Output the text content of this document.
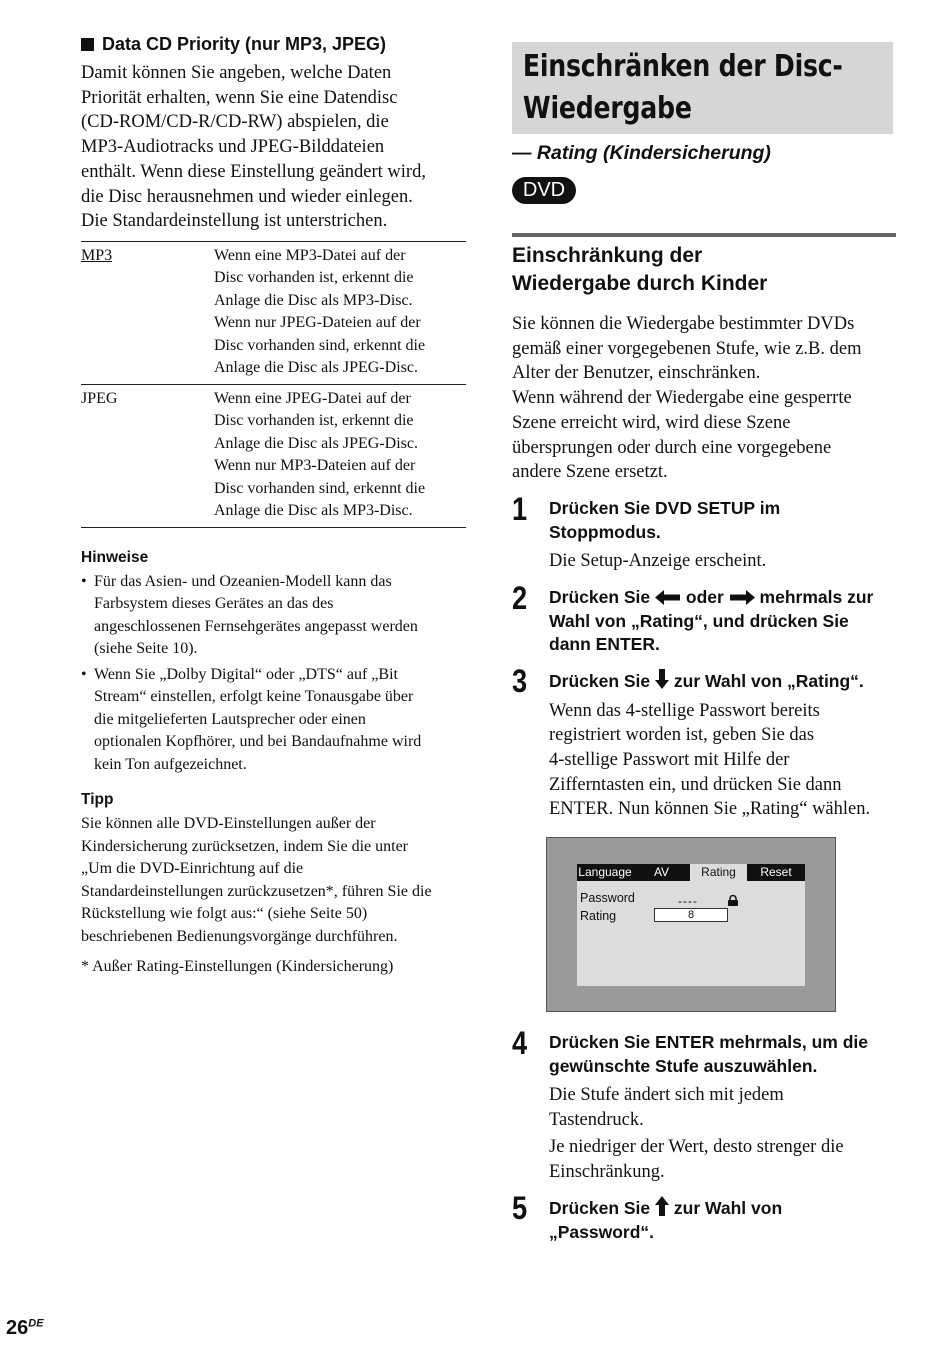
Data CD Priority (nur MP3, JPEG)
Damit können Sie angeben, welche Daten
Priorität erhalten, wenn Sie eine Datendisc
(CD-ROM/CD-R/CD-RW) abspielen, die
MP3-Audiotracks und JPEG-Bilddateien
enthält. Wenn diese Einstellung geändert wird,
die Disc herausnehmen und wieder einlegen.
Die Standardeinstellung ist unterstrichen.
MP3	Wenn eine MP3-Datei auf der
Disc vorhanden ist, erkennt die
Anlage die Disc als MP3-Disc.
Wenn nur JPEG-Dateien auf der
Disc vorhanden sind, erkennt die
Anlage die Disc als JPEG-Disc.
JPEG	Wenn eine JPEG-Datei auf der
Disc vorhanden ist, erkennt die
Anlage die Disc als JPEG-Disc.
Wenn nur MP3-Dateien auf der
Disc vorhanden sind, erkennt die
Anlage die Disc als MP3-Disc.
Hinweise
• Für das Asien- und Ozeanien-Modell kann das
Farbsystem dieses Gerätes an das des
angeschlossenen Fernsehgerätes angepasst werden
(siehe Seite 10).
• Wenn Sie „Dolby Digital“ oder „DTS“ auf „Bit
Stream“ einstellen, erfolgt keine Tonausgabe über
die mitgelieferten Lautsprecher oder einen
optionalen Kopfhörer, und bei Bandaufnahme wird
kein Ton aufgezeichnet.
Tipp
Sie können alle DVD-Einstellungen außer der
Kindersicherung zurücksetzen, indem Sie die unter
„Um die DVD-Einrichtung auf die
Standardeinstellungen zurückzusetzen*, führen Sie die
Rückstellung wie folgt aus:“ (siehe Seite 50)
beschriebenen Bedienungsvorgänge durchführen.
* Außer Rating-Einstellungen (Kindersicherung)
Einschränken der Disc-
Wiedergabe
— Rating (Kindersicherung)
DVD
Einschränkung der
Wiedergabe durch Kinder
Sie können die Wiedergabe bestimmter DVDs
gemäß einer vorgegebenen Stufe, wie z.B. dem
Alter der Benutzer, einschränken.
Wenn während der Wiedergabe eine gesperrte
Szene erreicht wird, wird diese Szene
übersprungen oder durch eine vorgegebene
andere Szene ersetzt.
1 Drücken Sie DVD SETUP im
Stoppmodus.
Die Setup-Anzeige erscheint.
2 Drücken Sie  oder  mehrmals zur
Wahl von „Rating“, und drücken Sie
dann ENTER.
3 Drücken Sie  zur Wahl von „Rating“.
Wenn das 4-stellige Passwort bereits
registriert worden ist, geben Sie das
4-stellige Passwort mit Hilfe der
Zifferntasten ein, und drücken Sie dann
ENTER. Nun können Sie „Rating“ wählen.
Language	AV	Rating	Reset
Password	----
Rating	8
4 Drücken Sie ENTER mehrmals, um die
gewünschte Stufe auszuwählen.
Die Stufe ändert sich mit jedem
Tastendruck.
Je niedriger der Wert, desto strenger die
Einschränkung.
5 Drücken Sie  zur Wahl von
„Password“.
26DE
